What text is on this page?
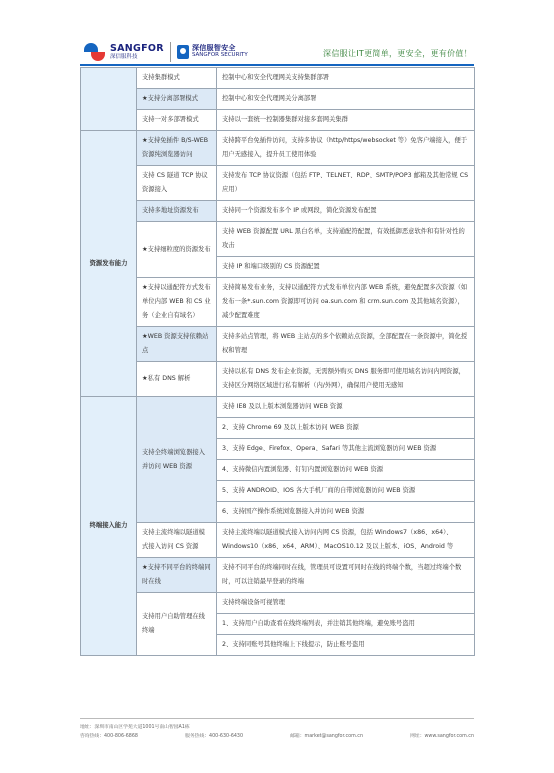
SANGFOR
深信服科技
深信服智安全
SANGFOR SECURITY	深信服让IT更简单，更安全，更有价值！
	支持集群模式	控制中心和安全代理网关支持集群部署
	★支持分离部署模式	控制中心和安全代理网关分离部署
	支持一对多部署模式	支持以一套统一控制器集群对接多套网关集群
资源发布能力	★支持免插件 B/S-WEB 资源纯浏览器访问	支持跨平台免插件访问，支持多协议（http/https/websocket 等）免客户端接入，便于用户无感接入，提升员工使用体验
	支持 CS 隧道 TCP 协议资源接入	支持发布 TCP 协议资源（包括 FTP、TELNET、RDP、SMTP/POP3 邮箱及其他常规 CS 应用）
	支持多地址资源发布	支持同一个资源发布多个 IP 或网段，简化资源发布配置
	★支持细粒度的资源发布	支持 WEB 资源配置 URL 黑白名单，支持通配符配置，有效抵御恶意软件和有针对性的攻击
		支持 IP 和端口级别的 CS 资源配置
	★支持以通配符方式发布单位内部 WEB 和 CS 业务（企业自有域名）	支持简易发布业务，支持以通配符方式发布单位内部 WEB 系统，避免配置多次资源（如发布一条*.sun.com 资源即可访问 oa.sun.com 和 crm.sun.com 及其他域名资源），减少配置难度
	★WEB 资源支持依赖站点	支持多站点管理，将 WEB 主站点的多个依赖站点资源，全部配置在一条资源中，简化授权和管理
	★私有 DNS 解析	支持以私有 DNS 发布企业资源，无需额外购买 DNS 服务即可使用域名访问内网资源，支持区分网络区域进行私有解析（内/外网），确保用户使用无感知
终端接入能力	支持全终端浏览器接入并访问 WEB 资源	支持 IE8 及以上版本浏览器访问 WEB 资源
		2、支持 Chrome 69 及以上版本访问 WEB 资源
		3、支持 Edge、Firefox、Opera、Safari 等其他主流浏览器访问 WEB 资源
		4、支持微信内置浏览器、钉钉内置浏览器访问 WEB 资源
		5、支持 ANDROID、IOS 各大手机厂商的自带浏览器访问 WEB 资源
		6、支持国产操作系统浏览器接入并访问 WEB 资源
	支持主流终端以隧道模式接入访问 CS 资源	支持主流终端以隧道模式接入访问内网 CS 资源，包括 Windows7（x86、x64）、Windows10（x86、x64、ARM）、MacOS10.12 及以上版本、iOS、Android 等
	★支持不同平台的终端同时在线	支持不同平台的终端同时在线，管理员可设置可同时在线的终端个数，当超过终端个数时，可以注销最早登录的终端
	支持用户自助管理在线终端	支持终端设备可视管理
		1、支持用户自助查看在线终端列表，并注销其他终端，避免账号盗用
		2、支持同账号其他终端上下线提示，防止账号盗用
地址：深圳市南山区学苑大道1001号南山智园A1栋
咨询热线：400-806-6868	服务热线：400-630-6430	邮箱：market@sangfor.com.cn	网址：www.sangfor.com.cn
